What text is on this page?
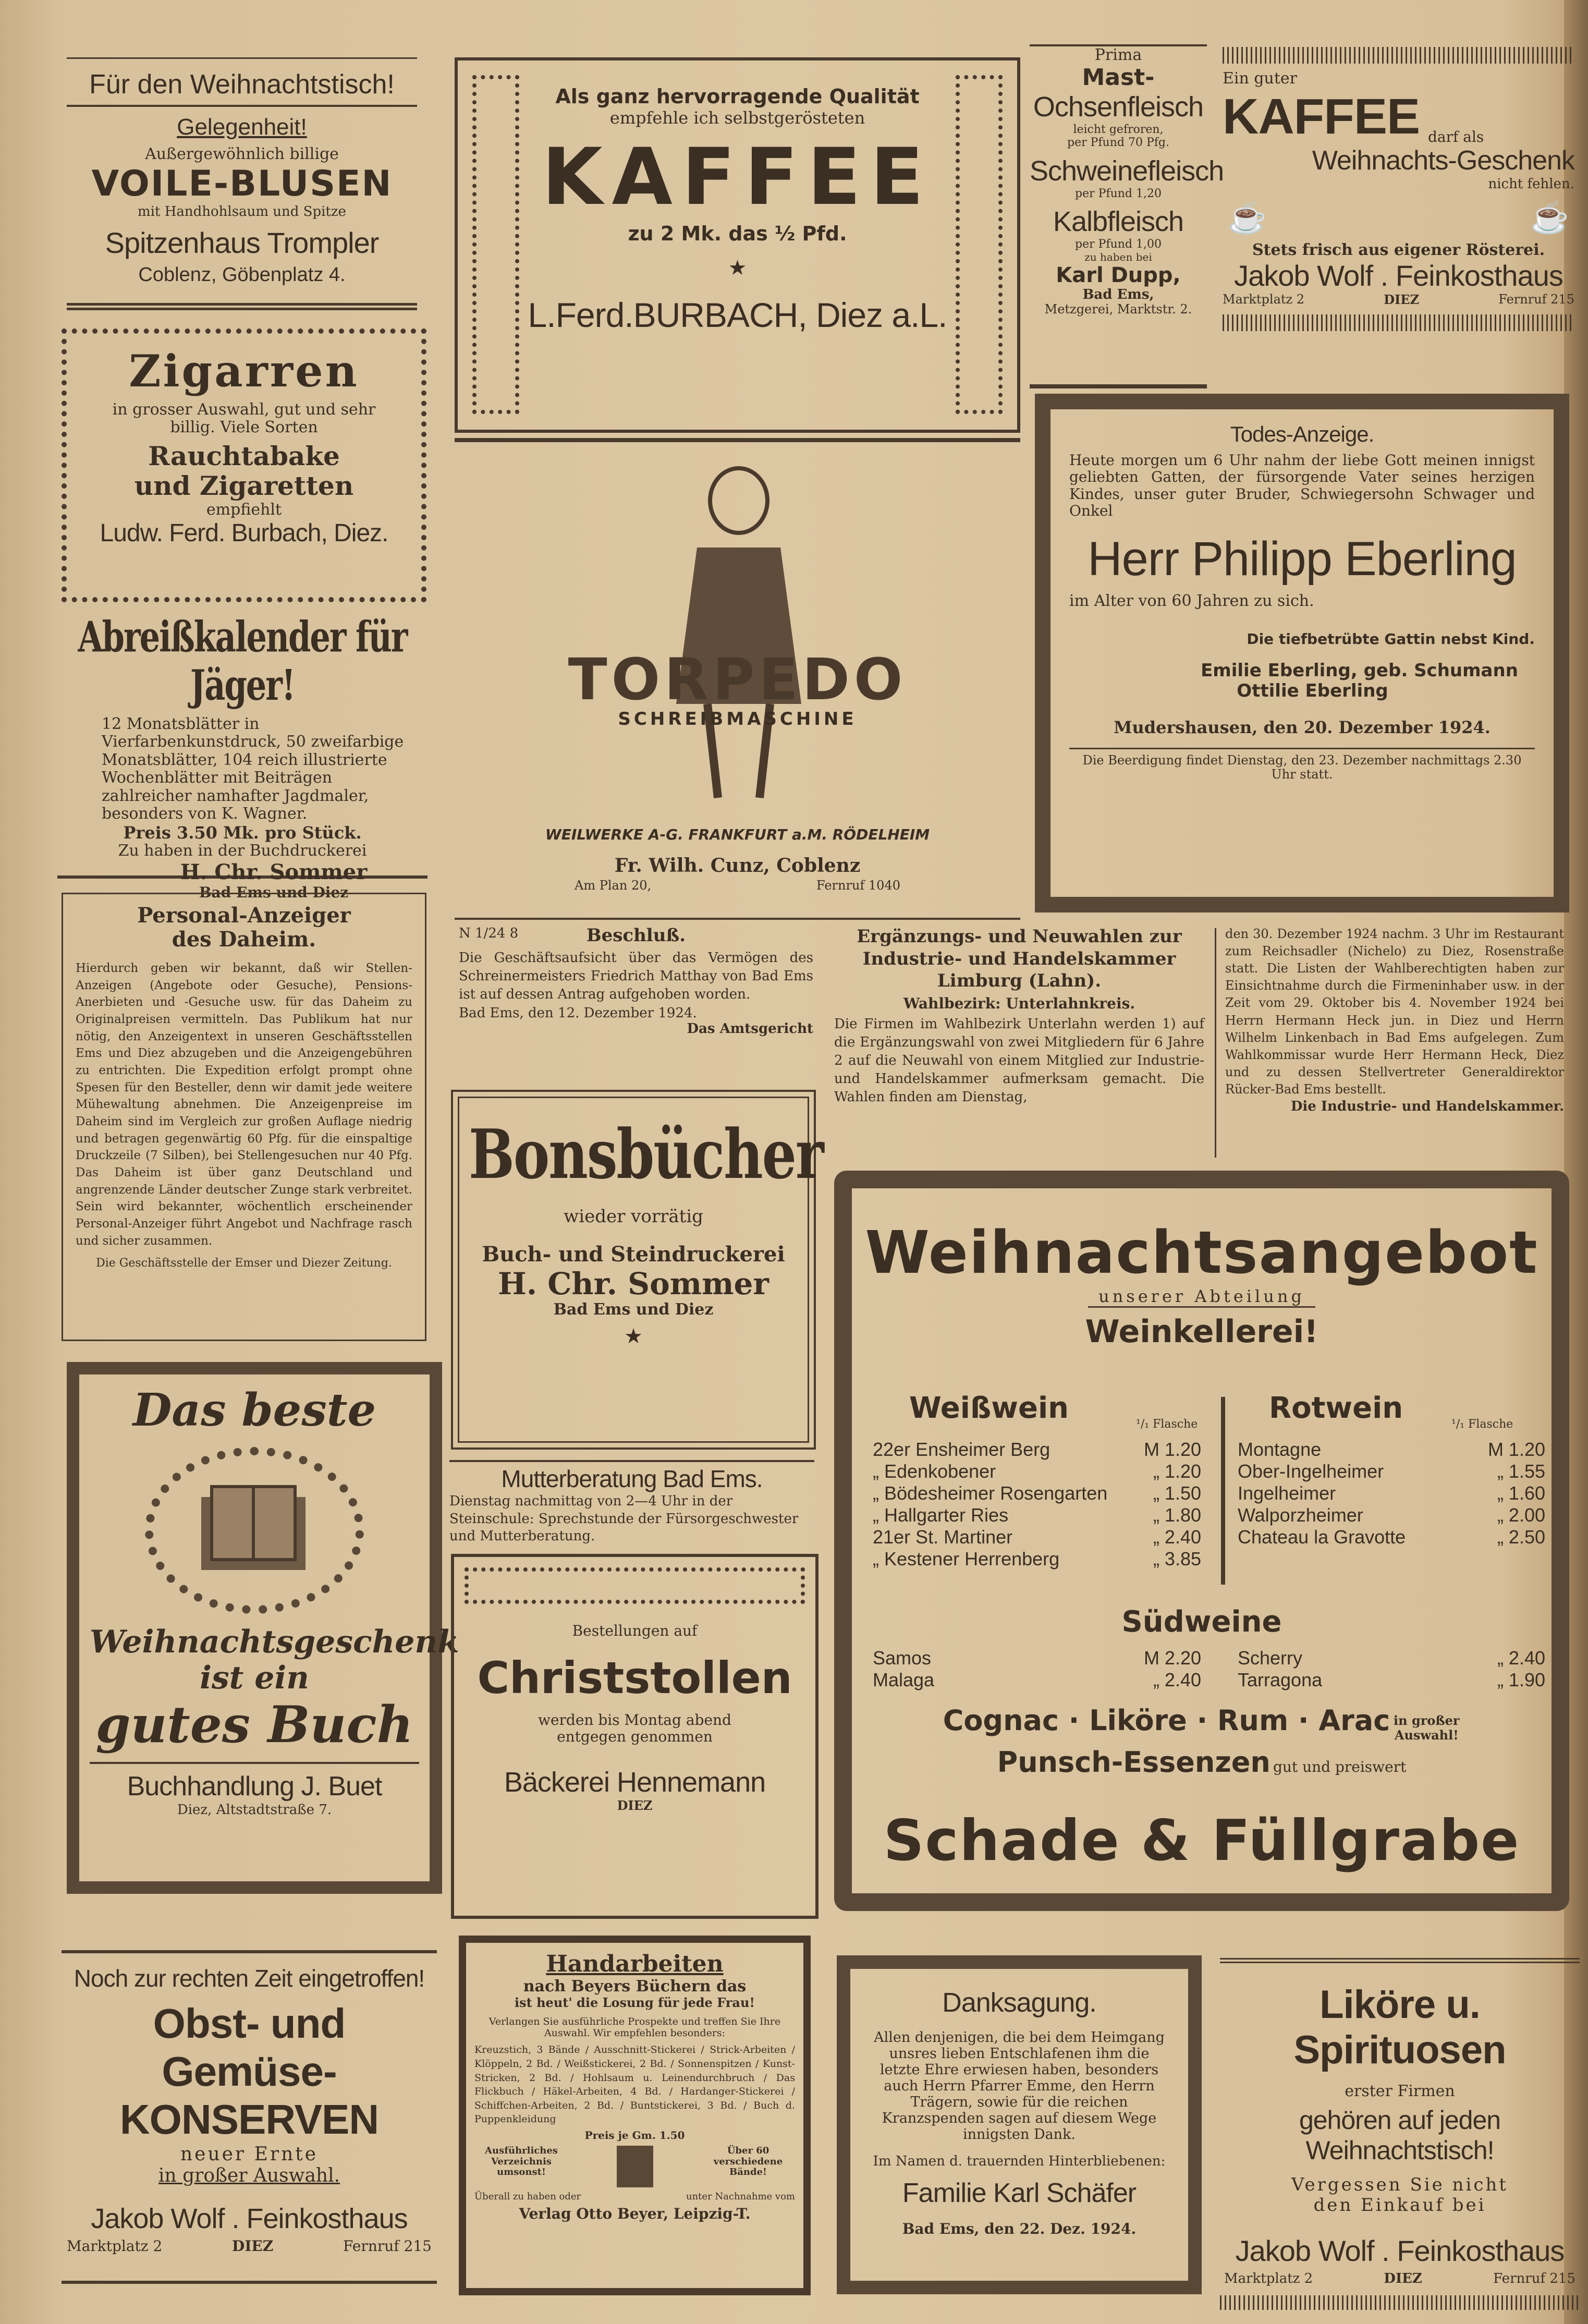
Für den Weihnachtstisch!
Gelegenheit!
Außergewöhnlich billige
VOILE-BLUSEN
mit Handhohlsaum und Spitze
Spitzenhaus Trompler
Coblenz, Göbenplatz 4.
Zigarren
in grosser Auswahl, gut und sehr billig. Viele Sorten
Rauchtabake
und Zigaretten
empfiehlt
Ludw. Ferd. Burbach, Diez.
Abreißkalender für Jäger!
12 Monatsblätter in Vierfarbenkunstdruck, 50 zweifarbige Monatsblätter, 104 reich illustrierte Wochenblätter mit Beiträgen zahlreicher namhafter Jagdmaler, besonders von K. Wagner.
Preis 3.50 Mk. pro Stück.
Zu haben in der Buchdruckerei
H. Chr. Sommer
Bad Ems und Diez
Personal-Anzeiger des Daheim.
Hierdurch geben wir bekannt, daß wir Stellen-Anzeigen (Angebote oder Gesuche), Pensions-Anerbieten und -Gesuche usw. für das Daheim zu Originalpreisen vermitteln. Das Publikum hat nur nötig, den Anzeigentext in unseren Geschäftsstellen Ems und Diez abzugeben und die Anzeigengebühren zu entrichten. Die Expedition erfolgt prompt ohne Spesen für den Besteller, denn wir damit jede weitere Mühewaltung abnehmen. Die Anzeigenpreise im Daheim sind im Vergleich zur großen Auflage niedrig und betragen gegenwärtig 60 Pfg. für die einspaltige Druckzeile (7 Silben), bei Stellengesuchen nur 40 Pfg. Das Daheim ist über ganz Deutschland und angrenzende Länder deutscher Zunge stark verbreitet. Sein wird bekannter, wöchentlich erscheinender Personal-Anzeiger führt Angebot und Nachfrage rasch und sicher zusammen.
Die Geschäftsstelle der Emser und Diezer Zeitung.
Das beste
Weihnachtsgeschenk
ist ein
gutes Buch
Buchhandlung J. Buet
Diez, Altstadtstraße 7.
Noch zur rechten Zeit eingetroffen!
Obst- und Gemüse-
KONSERVEN
neuer Ernte
in großer Auswahl.
Jakob Wolf . Feinkosthaus
Marktplatz 2	DIEZ	Fernruf 215
Als ganz hervorragende Qualität
empfehle ich selbstgerösteten
KAFFEE
zu 2 Mk. das ½ Pfd.
★
L.Ferd.BURBACH, Diez a.L.
TORPEDO
SCHREIBMASCHINE
WEILWERKE A-G. FRANKFURT a.M. RÖDELHEIM
Fr. Wilh. Cunz, Coblenz
Am Plan 20,	Fernruf 1040
N 1/24 8	Beschluß.
Die Geschäftsaufsicht über das Vermögen des Schreinermeisters Friedrich Matthay von Bad Ems ist auf dessen Antrag aufgehoben worden.
Bad Ems, den 12. Dezember 1924.
Das Amtsgericht
Bonsbücher
wieder vorrätig
Buch- und Steindruckerei
H. Chr. Sommer
Bad Ems und Diez
★
Mutterberatung Bad Ems.
Dienstag nachmittag von 2—4 Uhr in der Steinschule: Sprechstunde der Fürsorgeschwester und Mutterberatung.
Bestellungen auf
Christstollen
werden bis Montag abend entgegen genommen
Bäckerei Hennemann
DIEZ
Handarbeiten
nach Beyers Büchern das
ist heut' die Losung für jede Frau!
Verlangen Sie ausführliche Prospekte und treffen Sie Ihre Auswahl. Wir empfehlen besonders:
Kreuzstich, 3 Bände / Ausschnitt-Stickerei / Strick-Arbeiten / Klöppeln, 2 Bd. / Weißstickerei, 2 Bd. / Sonnenspitzen / Kunst-Stricken, 2 Bd. / Hohlsaum u. Leinendurchbruch / Das Flickbuch / Häkel-Arbeiten, 4 Bd. / Hardanger-Stickerei / Schiffchen-Arbeiten, 2 Bd. / Buntstickerei, 3 Bd. / Buch d. Puppenkleidung
Preis je Gm. 1.50
Ausführliches Verzeichnis umsonst!
Über 60 verschiedene Bände!
Überall zu haben oder	unter Nachnahme vom
Verlag Otto Beyer, Leipzig-T.
Prima
Mast-
Ochsenfleisch
leicht gefroren,
per Pfund 70 Pfg.
Schweinefleisch
per Pfund 1,20
Kalbfleisch
per Pfund 1,00
zu haben bei
Karl Dupp,
Bad Ems,
Metzgerei, Marktstr. 2.
Ein guter
KAFFEE darf als
Weihnachts-Geschenk
nicht fehlen.
☕	☕
Stets frisch aus eigener Rösterei.
Jakob Wolf . Feinkosthaus
Marktplatz 2	DIEZ	Fernruf 215
Todes-Anzeige.
Heute morgen um 6 Uhr nahm der liebe Gott meinen innigst geliebten Gatten, der fürsorgende Vater seines herzigen Kindes, unser guter Bruder, Schwiegersohn Schwager und Onkel
Herr Philipp Eberling
im Alter von 60 Jahren zu sich.
Die tiefbetrübte Gattin nebst Kind.
Emilie Eberling, geb. Schumann
Ottilie Eberling
Mudershausen, den 20. Dezember 1924.
Die Beerdigung findet Dienstag, den 23. Dezember nachmittags 2.30 Uhr statt.
Ergänzungs- und Neuwahlen zur Industrie- und Handelskammer Limburg (Lahn).
Wahlbezirk: Unterlahnkreis.
Die Firmen im Wahlbezirk Unterlahn werden 1) auf die Ergänzungswahl von zwei Mitgliedern für 6 Jahre 2 auf die Neuwahl von einem Mitglied zur Industrie- und Handelskammer aufmerksam gemacht. Die Wahlen finden am Dienstag,
den 30. Dezember 1924 nachm. 3 Uhr im Restaurant zum Reichsadler (Nichelo) zu Diez, Rosenstraße statt. Die Listen der Wahlberechtigten haben zur Einsichtnahme durch die Firmeninhaber usw. in der Zeit vom 29. Oktober bis 4. November 1924 bei Herrn Hermann Heck jun. in Diez und Herrn Wilhelm Linkenbach in Bad Ems aufgelegen. Zum Wahlkommissar wurde Herr Hermann Heck, Diez und zu dessen Stellvertreter Generaldirektor Rücker-Bad Ems bestellt.
Die Industrie- und Handelskammer.
Weihnachtsangebot
unserer Abteilung
Weinkellerei!
Weißwein	Rotwein
¹/₁ Flasche	¹/₁ Flasche
22er Ensheimer Berg	M 1.20
„ Edenkobener	„ 1.20
„ Bödesheimer Rosengarten „ 1.50
„ Hallgarter Ries	„ 1.80
21er St. Martiner	„ 2.40
„ Kestener Herrenberg	„ 3.85
Montagne	M 1.20
Ober-Ingelheimer	„ 1.55
Ingelheimer	„ 1.60
Walporzheimer	„ 2.00
Chateau la Gravotte	„ 2.50
Südweine
Samos	M 2.20
Malaga	„ 2.40
Scherry	„ 2.40
Tarragona	„ 1.90
Cognac · Liköre · Rum · Arac in großer Auswahl!
Punsch-Essenzen gut und preiswert
Schade & Füllgrabe
Danksagung.
Allen denjenigen, die bei dem Heimgang unsres lieben Entschlafenen ihm die letzte Ehre erwiesen haben, besonders auch Herrn Pfarrer Emme, den Herrn Trägern, sowie für die reichen Kranzspenden sagen auf diesem Wege innigsten Dank.
Im Namen d. trauernden Hinterbliebenen:
Familie Karl Schäfer
Bad Ems, den 22. Dez. 1924.
Liköre u. Spirituosen
erster Firmen
gehören auf jeden Weihnachtstisch!
Vergessen Sie nicht
den Einkauf bei
Jakob Wolf . Feinkosthaus
Marktplatz 2	DIEZ	Fernruf 215
